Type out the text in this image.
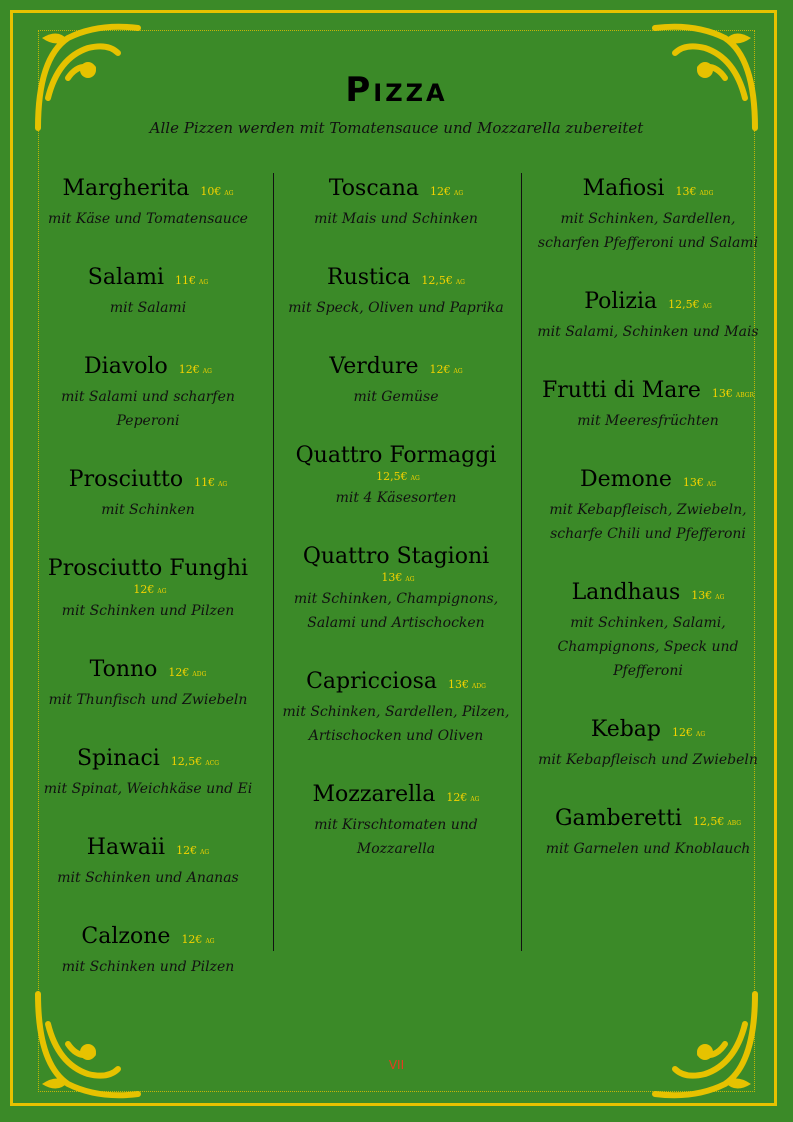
Pizza
Alle Pizzen werden mit Tomatensauce und Mozzarella zubereitet
Margherita 10€ AG
mit Käse und Tomatensauce
Salami 11€ AG
mit Salami
Diavolo 12€ AG
mit Salami und scharfen Peperoni
Prosciutto 11€ AG
mit Schinken
Prosciutto Funghi
12€ AG
mit Schinken und Pilzen
Tonno 12€ ADG
mit Thunfisch und Zwiebeln
Spinaci 12,5€ ACG
mit Spinat, Weichkäse und Ei
Hawaii 12€ AG
mit Schinken und Ananas
Calzone 12€ AG
mit Schinken und Pilzen
Toscana 12€ AG
mit Mais und Schinken
Rustica 12,5€ AG
mit Speck, Oliven und Paprika
Verdure 12€ AG
mit Gemüse
Quattro Formaggi
12,5€ AG
mit 4 Käsesorten
Quattro Stagioni
13€ AG
mit Schinken, Champignons, Salami und Artischocken
Capricciosa 13€ ADG
mit Schinken, Sardellen, Pilzen, Artischocken und Oliven
Mozzarella 12€ AG
mit Kirschtomaten und Mozzarella
Mafiosi 13€ ADG
mit Schinken, Sardellen, scharfen Pfefferoni und Salami
Polizia 12,5€ AG
mit Salami, Schinken und Mais
Frutti di Mare 13€ ABGR
mit Meeresfrüchten
Demone 13€ AG
mit Kebapfleisch, Zwiebeln, scharfe Chili und Pfefferoni
Landhaus 13€ AG
mit Schinken, Salami, Champignons, Speck und Pfefferoni
Kebap 12€ AG
mit Kebapfleisch und Zwiebeln
Gamberetti 12,5€ ABG
mit Garnelen und Knoblauch
VII
